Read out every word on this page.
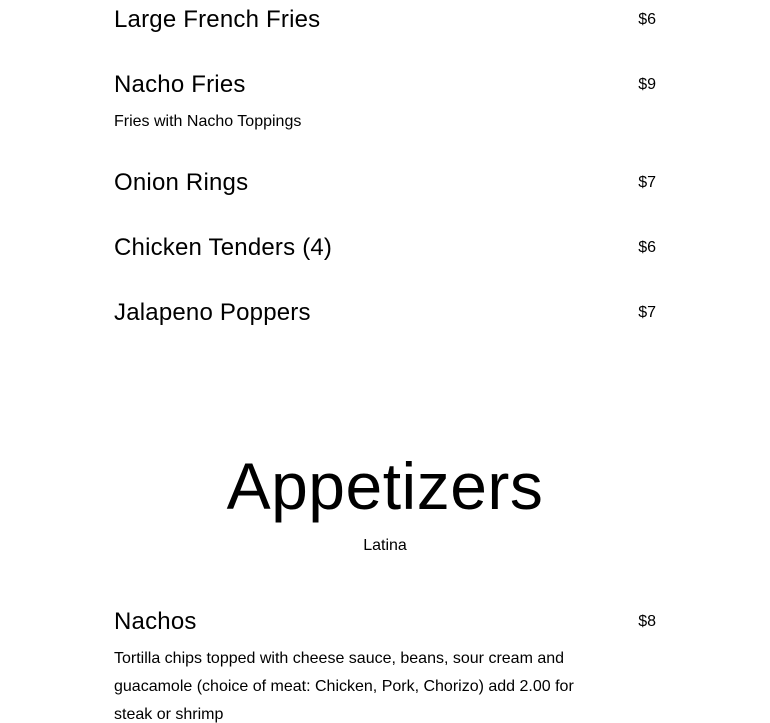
Large French Fries	$6
Nacho Fries	$9
Fries with Nacho Toppings
Onion Rings	$7
Chicken Tenders (4)	$6
Jalapeno Poppers	$7
Appetizers
Latina
Nachos	$8
Tortilla chips topped with cheese sauce, beans, sour cream and guacamole (choice of meat: Chicken, Pork, Chorizo) add 2.00 for steak or shrimp
